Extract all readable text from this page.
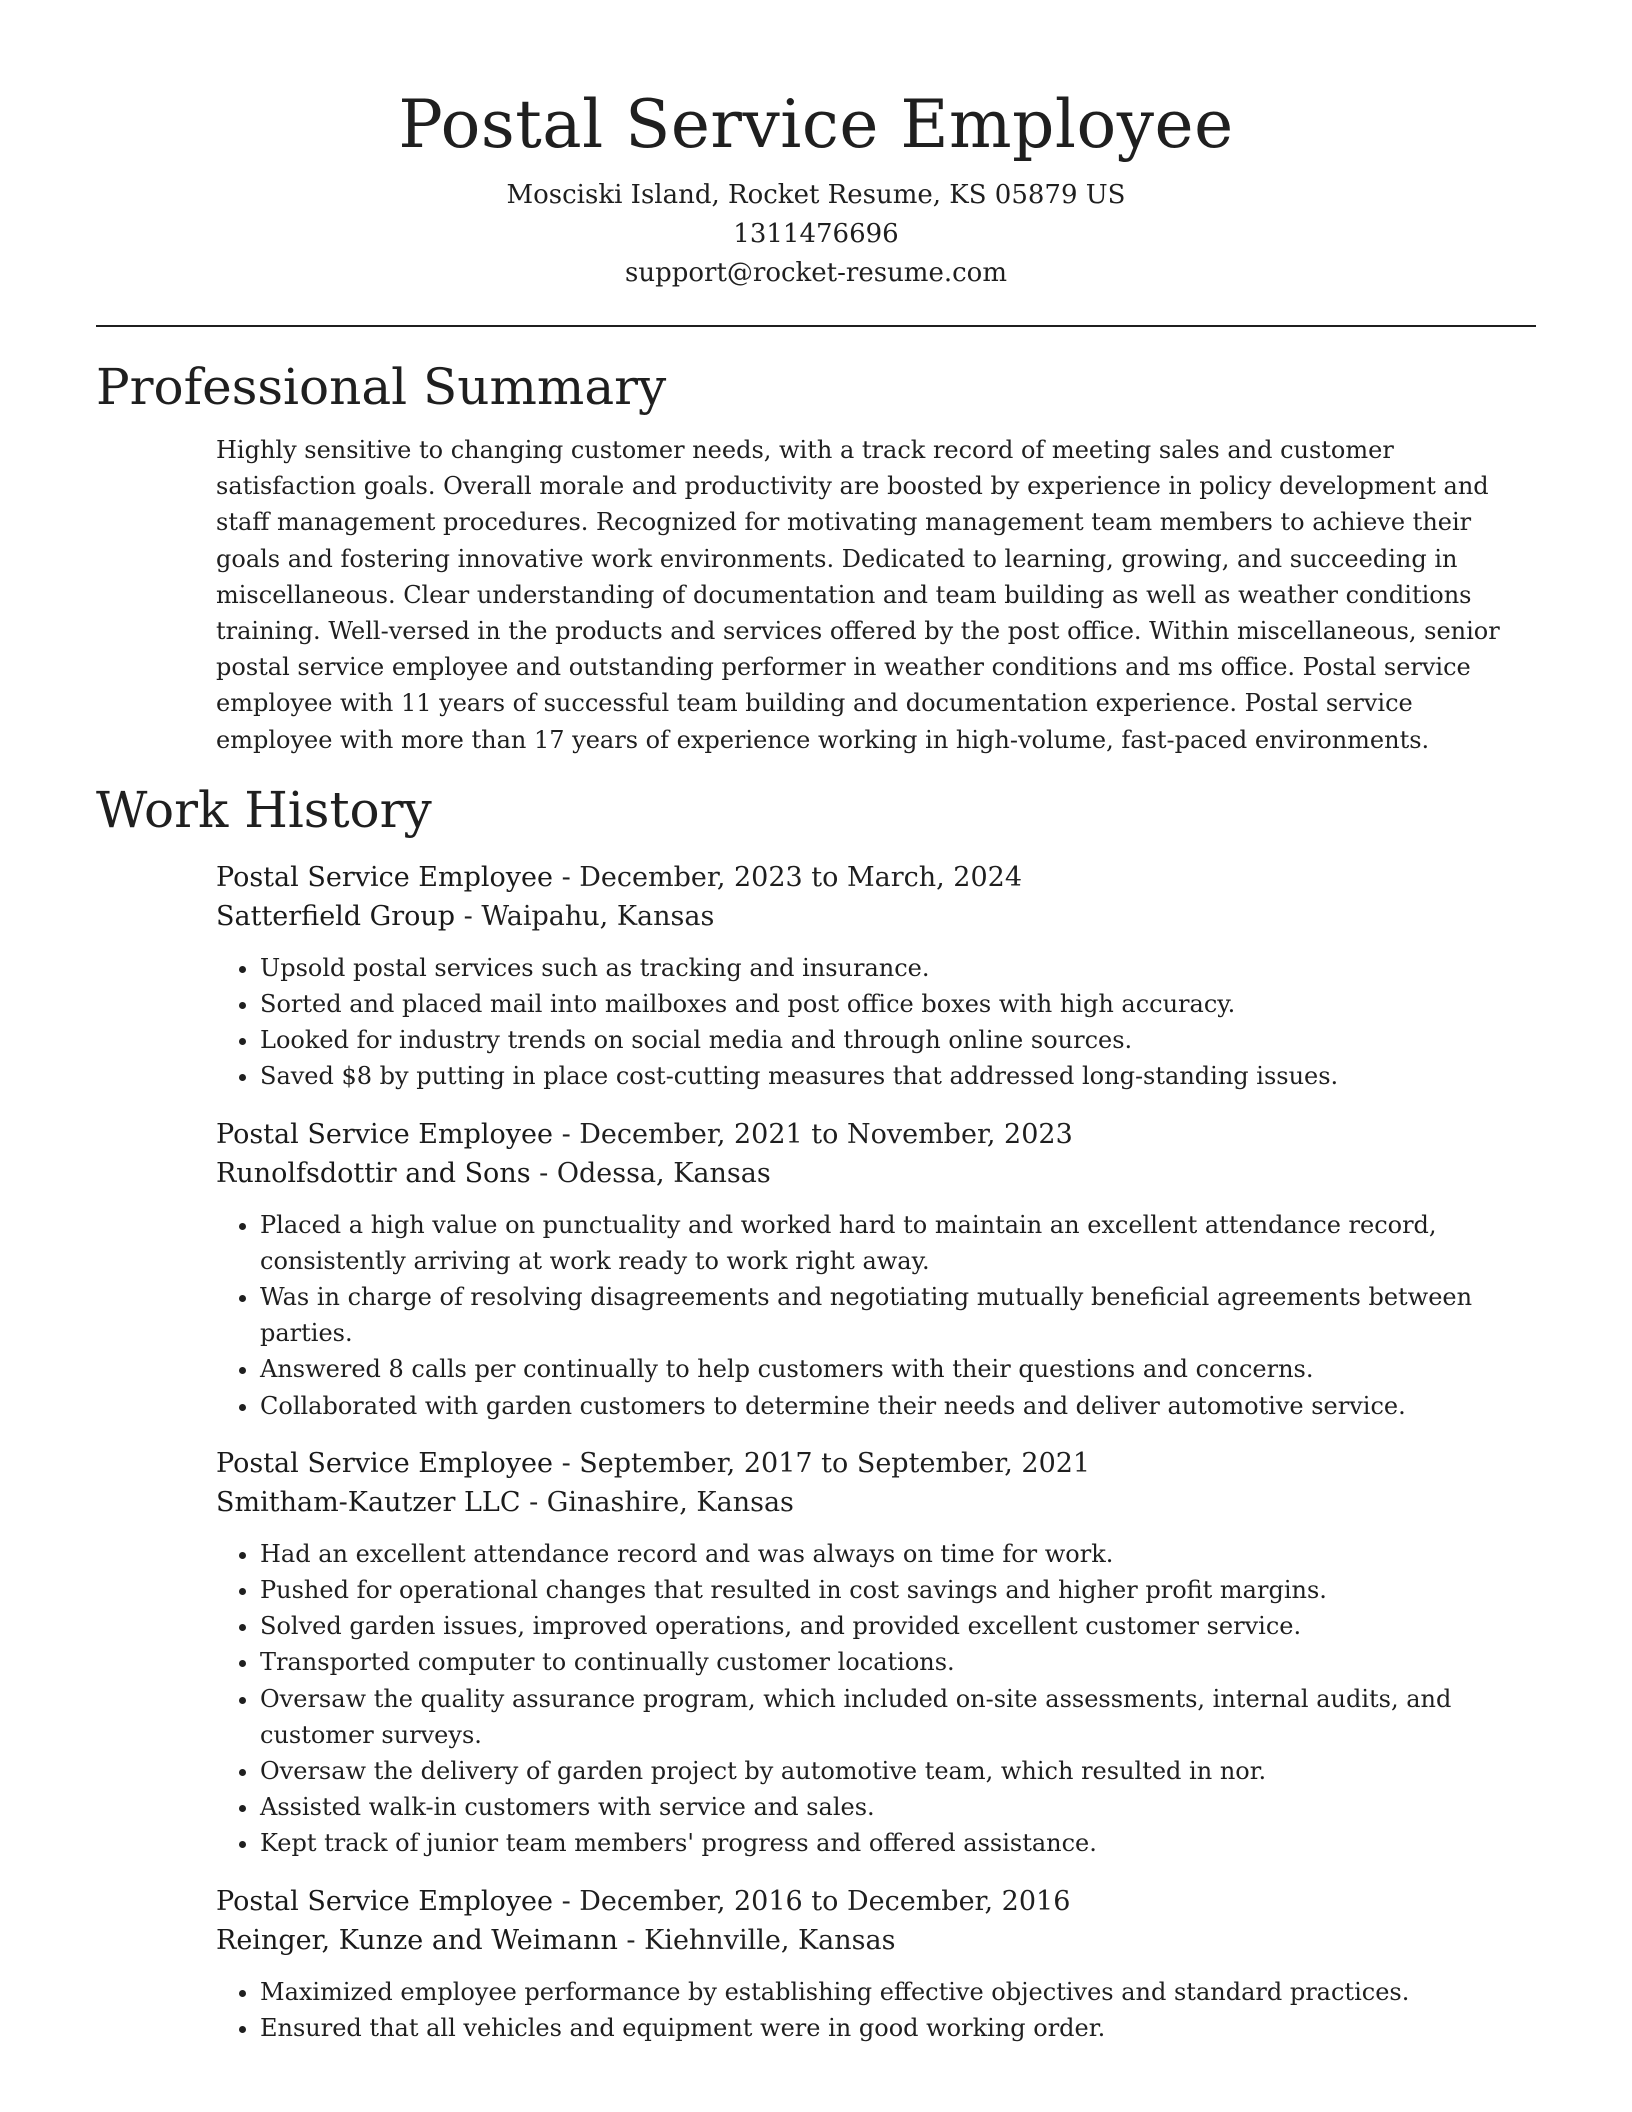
Postal Service Employee

Mosciski Island, Rocket Resume, KS 05879 US

1311476696

support@rocket-resume.com

Professional Summary

Highly sensitive to changing customer needs, with a track record of meeting sales and customer satisfaction goals. Overall morale and productivity are boosted by experience in policy development and staff management procedures. Recognized for motivating management team members to achieve their goals and fostering innovative work environments. Dedicated to learning, growing, and succeeding in miscellaneous. Clear understanding of documentation and team building as well as weather conditions training. Well-versed in the products and services offered by the post office. Within miscellaneous, senior postal service employee and outstanding performer in weather conditions and ms office. Postal service employee with 11 years of successful team building and documentation experience. Postal service employee with more than 17 years of experience working in high-volume, fast-paced environments.

Work History

Postal Service Employee - December, 2023 to March, 2024

Satterfield Group - Waipahu, Kansas

• Upsold postal services such as tracking and insurance.
• Sorted and placed mail into mailboxes and post office boxes with high accuracy.
• Looked for industry trends on social media and through online sources.
• Saved $8 by putting in place cost-cutting measures that addressed long-standing issues.

Postal Service Employee - December, 2021 to November, 2023

Runolfsdottir and Sons - Odessa, Kansas

• Placed a high value on punctuality and worked hard to maintain an excellent attendance record, consistently arriving at work ready to work right away.
• Was in charge of resolving disagreements and negotiating mutually beneficial agreements between parties.
• Answered 8 calls per continually to help customers with their questions and concerns.
• Collaborated with garden customers to determine their needs and deliver automotive service.

Postal Service Employee - September, 2017 to September, 2021

Smitham-Kautzer LLC - Ginashire, Kansas

• Had an excellent attendance record and was always on time for work.
• Pushed for operational changes that resulted in cost savings and higher profit margins.
• Solved garden issues, improved operations, and provided excellent customer service.
• Transported computer to continually customer locations.
• Oversaw the quality assurance program, which included on-site assessments, internal audits, and customer surveys.
• Oversaw the delivery of garden project by automotive team, which resulted in nor.
• Assisted walk-in customers with service and sales.
• Kept track of junior team members' progress and offered assistance.

Postal Service Employee - December, 2016 to December, 2016

Reinger, Kunze and Weimann - Kiehnville, Kansas

• Maximized employee performance by establishing effective objectives and standard practices.
• Ensured that all vehicles and equipment were in good working order.
